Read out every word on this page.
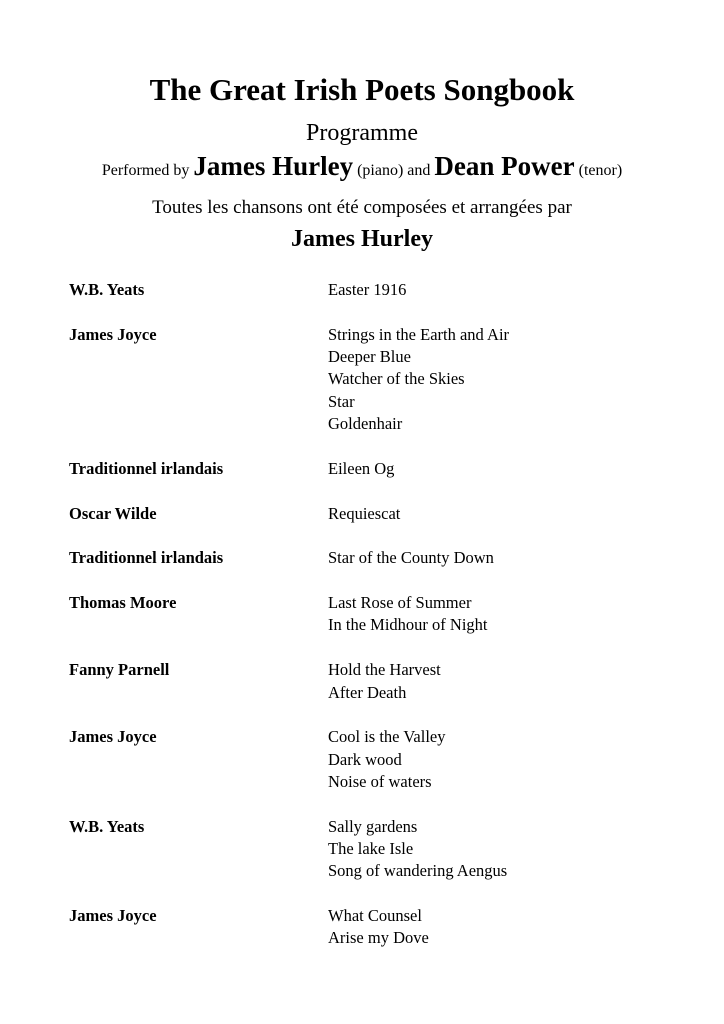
The Great Irish Poets Songbook
Programme
Performed by James Hurley (piano) and Dean Power (tenor)
Toutes les chansons ont été composées et arrangées par
James Hurley
W.B. Yeats	Easter 1916
James Joyce	Strings in the Earth and Air
Deeper Blue
Watcher of the Skies
Star
Goldenhair
Traditionnel irlandais	Eileen Og
Oscar Wilde	Requiescat
Traditionnel irlandais	Star of the County Down
Thomas Moore	Last Rose of Summer
In the Midhour of Night
Fanny Parnell	Hold the Harvest
After Death
James Joyce	Cool is the Valley
Dark wood
Noise of waters
W.B. Yeats	Sally gardens
The lake Isle
Song of wandering Aengus
James Joyce	What Counsel
Arise my Dove
